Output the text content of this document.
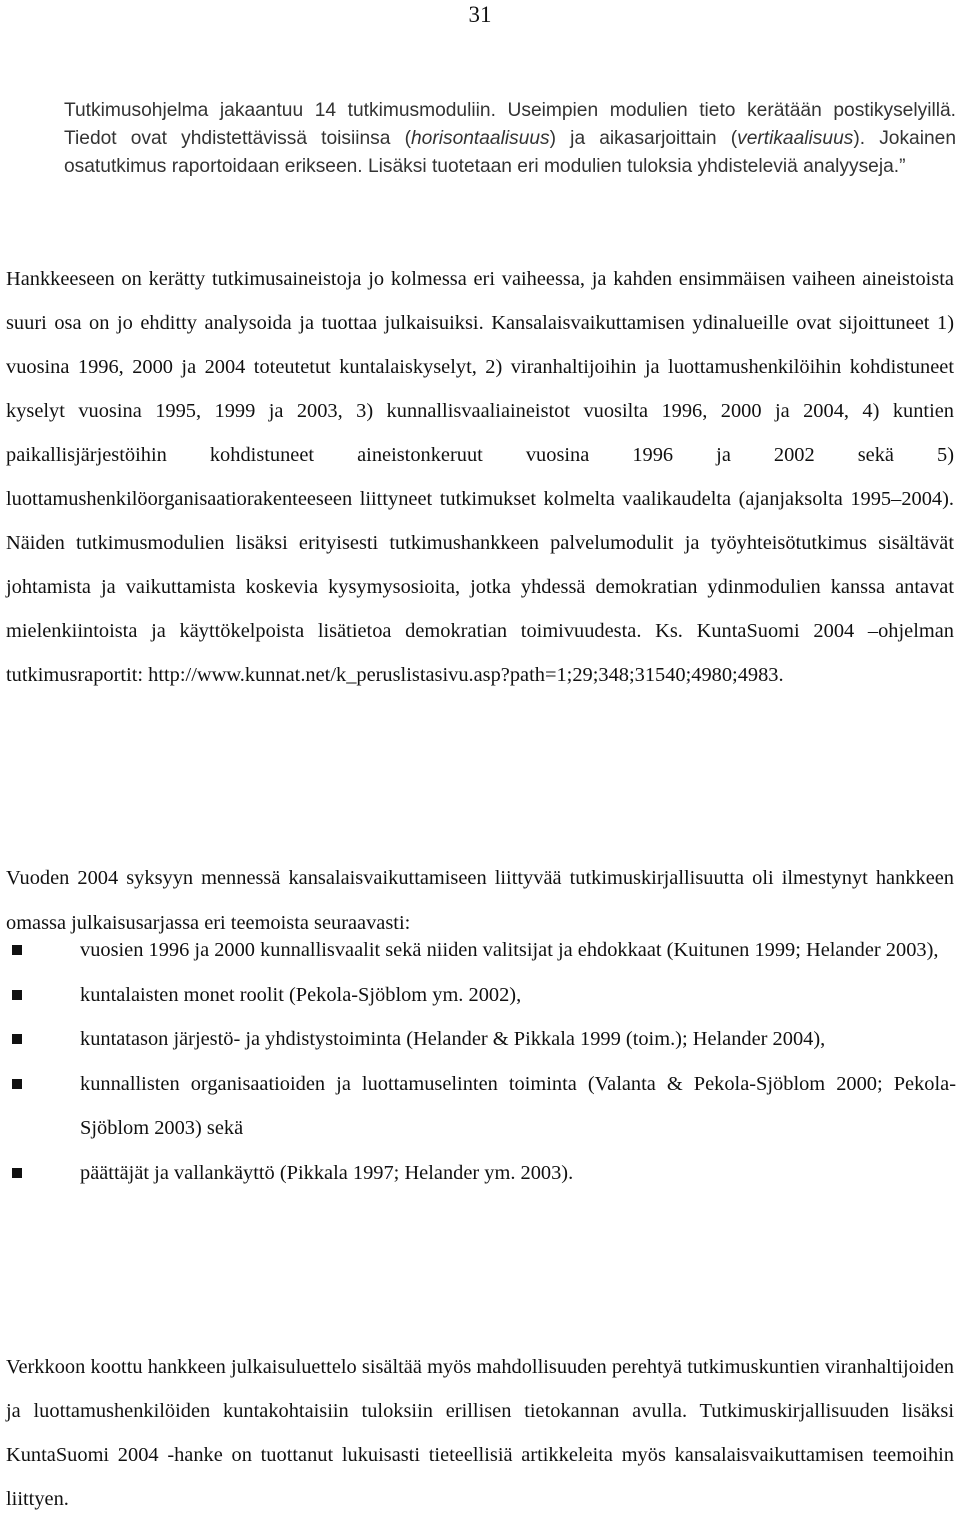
31
Tutkimusohjelma jakaantuu 14 tutkimusmoduliin. Useimpien modulien tieto kerätään postikyselyillä. Tiedot ovat yhdistettävissä toisiinsa (horisontaalisuus) ja aikasarjoittain (vertikaalisuus). Jokainen osatutkimus raportoidaan erikseen. Lisäksi tuotetaan eri modulien tuloksia yhdisteleviä analyyseja.”

Hankkeeseen on kerätty tutkimusaineistoja jo kolmessa eri vaiheessa, ja kahden ensimmäisen vaiheen aineistoista suuri osa on jo ehditty analysoida ja tuottaa julkaisuiksi. Kansalaisvaikuttamisen ydinalueille ovat sijoittuneet 1) vuosina 1996, 2000 ja 2004 toteutetut kuntalaiskyselyt, 2) viranhaltijoihin ja luottamushenkilöihin kohdistuneet kyselyt vuosina 1995, 1999 ja 2003, 3) kunnallisvaaliaineistot vuosilta 1996, 2000 ja 2004, 4) kuntien paikallisjärjestöihin kohdistuneet aineistonkeruut vuosina 1996 ja 2002 sekä 5) luottamushenkilöorganisaatiorakenteeseen liittyneet tutkimukset kolmelta vaalikaudelta (ajanjaksolta 1995–2004). Näiden tutkimusmodulien lisäksi erityisesti tutkimushankkeen palvelumodulit ja työyhteisötutkimus sisältävät johtamista ja vaikuttamista koskevia kysymysosioita, jotka yhdessä demokratian ydinmodulien kanssa antavat mielenkiintoista ja käyttökelpoista lisätietoa demokratian toimivuudesta. Ks. KuntaSuomi 2004 –ohjelman tutkimusraportit: http://www.kunnat.net/k_peruslistasivu.asp?path=1;29;348;31540;4980;4983.

Vuoden 2004 syksyyn mennessä kansalaisvaikuttamiseen liittyvää tutkimuskirjallisuutta oli ilmestynyt hankkeen omassa julkaisusarjassa eri teemoista seuraavasti:

vuosien 1996 ja 2000 kunnallisvaalit sekä niiden valitsijat ja ehdokkaat (Kuitunen 1999; Helander 2003),
kuntalaisten monet roolit (Pekola-Sjöblom ym. 2002),
kuntatason järjestö- ja yhdistystoiminta (Helander & Pikkala 1999 (toim.); Helander 2004),
kunnallisten organisaatioiden ja luottamuselinten toiminta (Valanta & Pekola-Sjöblom 2000; Pekola-Sjöblom 2003) sekä
päättäjät ja vallankäyttö (Pikkala 1997; Helander ym. 2003).

Verkkoon koottu hankkeen julkaisuluettelo sisältää myös mahdollisuuden perehtyä tutkimuskuntien viranhaltijoiden ja luottamushenkilöiden kuntakohtaisiin tuloksiin erillisen tietokannan avulla. Tutkimuskirjallisuuden lisäksi KuntaSuomi 2004 -hanke on tuottanut lukuisasti tieteellisiä artikkeleita myös kansalaisvaikuttamisen teemoihin liittyen.
